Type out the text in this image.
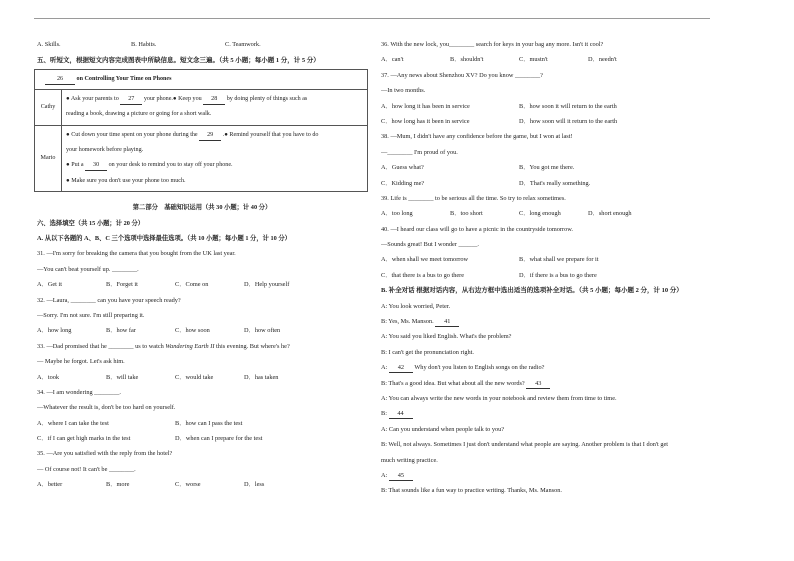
A. Skills.	B. Habits.	C. Teamwork.
五、听短文，根据短文内容完成图表中所缺信息。短文念三遍。（共 5 小题；每小题 1 分，计 5 分）
26 on Controlling Your Time on Phones	
Cathy	● Ask your parents to 27 your phone.● Keep you 28 by doing plenty of things such as
reading a book, drawing a picture or going for a short walk.

Mario	● Cut down your time spent on your phone during the 29 .● Remind yourself that you have to do
your homework before playing.
● Put a 30 on your desk to remind you to stay off your phone.
● Make sure you don't use your phone too much.
第二部分　基础知识运用（共 30 小题；计 40 分）
六、选择填空（共 15 小题；计 20 分）
A. 从以下各题的 A、B、C 三个选项中选择最佳选项。（共 10 小题；每小题 1 分，计 10 分）
31. —I'm sorry for breaking the camera that you bought from the UK last year.
—You can't beat yourself up. ________.
A．Get it	B．Forget it	C．Come on	D．Help yourself
32. —Laura, ________ can you have your speech ready?
—Sorry. I'm not sure. I'm still preparing it.
A．how long	B．how far	C．how soon	D．how often
33. —Dad promised that he ________ us to watch Wandering Earth II this evening. But where's he?
— Maybe he forgot. Let's ask him.
A．took	B．will take	C．would take	D．has taken
34. —I am wondering ________.
—Whatever the result is, don't be too hard on yourself.
A．where I can take the test	B．how can I pass the test
C．if I can get high marks in the test	D．when can I prepare for the test
35. —Are you satisfied with the reply from the hotel?
— Of course not! It can't be ________.
A．better	B．more	C．worse	D．less
36. With the new lock, you________ search for keys in your bag any more. Isn't it cool?
A．can't	B．shouldn't	C．mustn't	D．needn't
37. —Any news about Shenzhou XV? Do you know ________?
—In two months.
A．how long it has been in service	B．how soon it will return to the earth
C．how long has it been in service	D．how soon will it return to the earth
38. —Mum, I didn't have any confidence before the game, but I won at last!
—________ I'm proud of you.
A．Guess what?	B．You got me there.
C．Kidding me?	D．That's really something.
39. Life is ________ to be serious all the time. So try to relax sometimes.
A．too long	B．too short	C．long enough	D．short enough
40. —I heard our class will go to have a picnic in the countryside tomorrow.
—Sounds great! But I wonder ______.
A．when shall we meet tomorrow	B．what shall we prepare for it
C．that there is a bus to go there	D．if there is a bus to go there
B. 补全对话 根据对话内容，从右边方框中选出适当的选项补全对话。（共 5 小题；每小题 2 分，计 10 分）
A: You look worried, Peter.
B: Yes, Ms. Manson. 41
A: You said you liked English. What's the problem?
B: I can't get the pronunciation right.
A: 42 Why don't you listen to English songs on the radio?
B: That's a good idea. But what about all the new words? 43
A: You can always write the new words in your notebook and review them from time to time.
B: 44
A: Can you understand when people talk to you?
B: Well, not always. Sometimes I just don't understand what people are saying. Another problem is that I don't get
much writing practice.
A: 45
B: That sounds like a fun way to practice writing. Thanks, Ms. Manson.
